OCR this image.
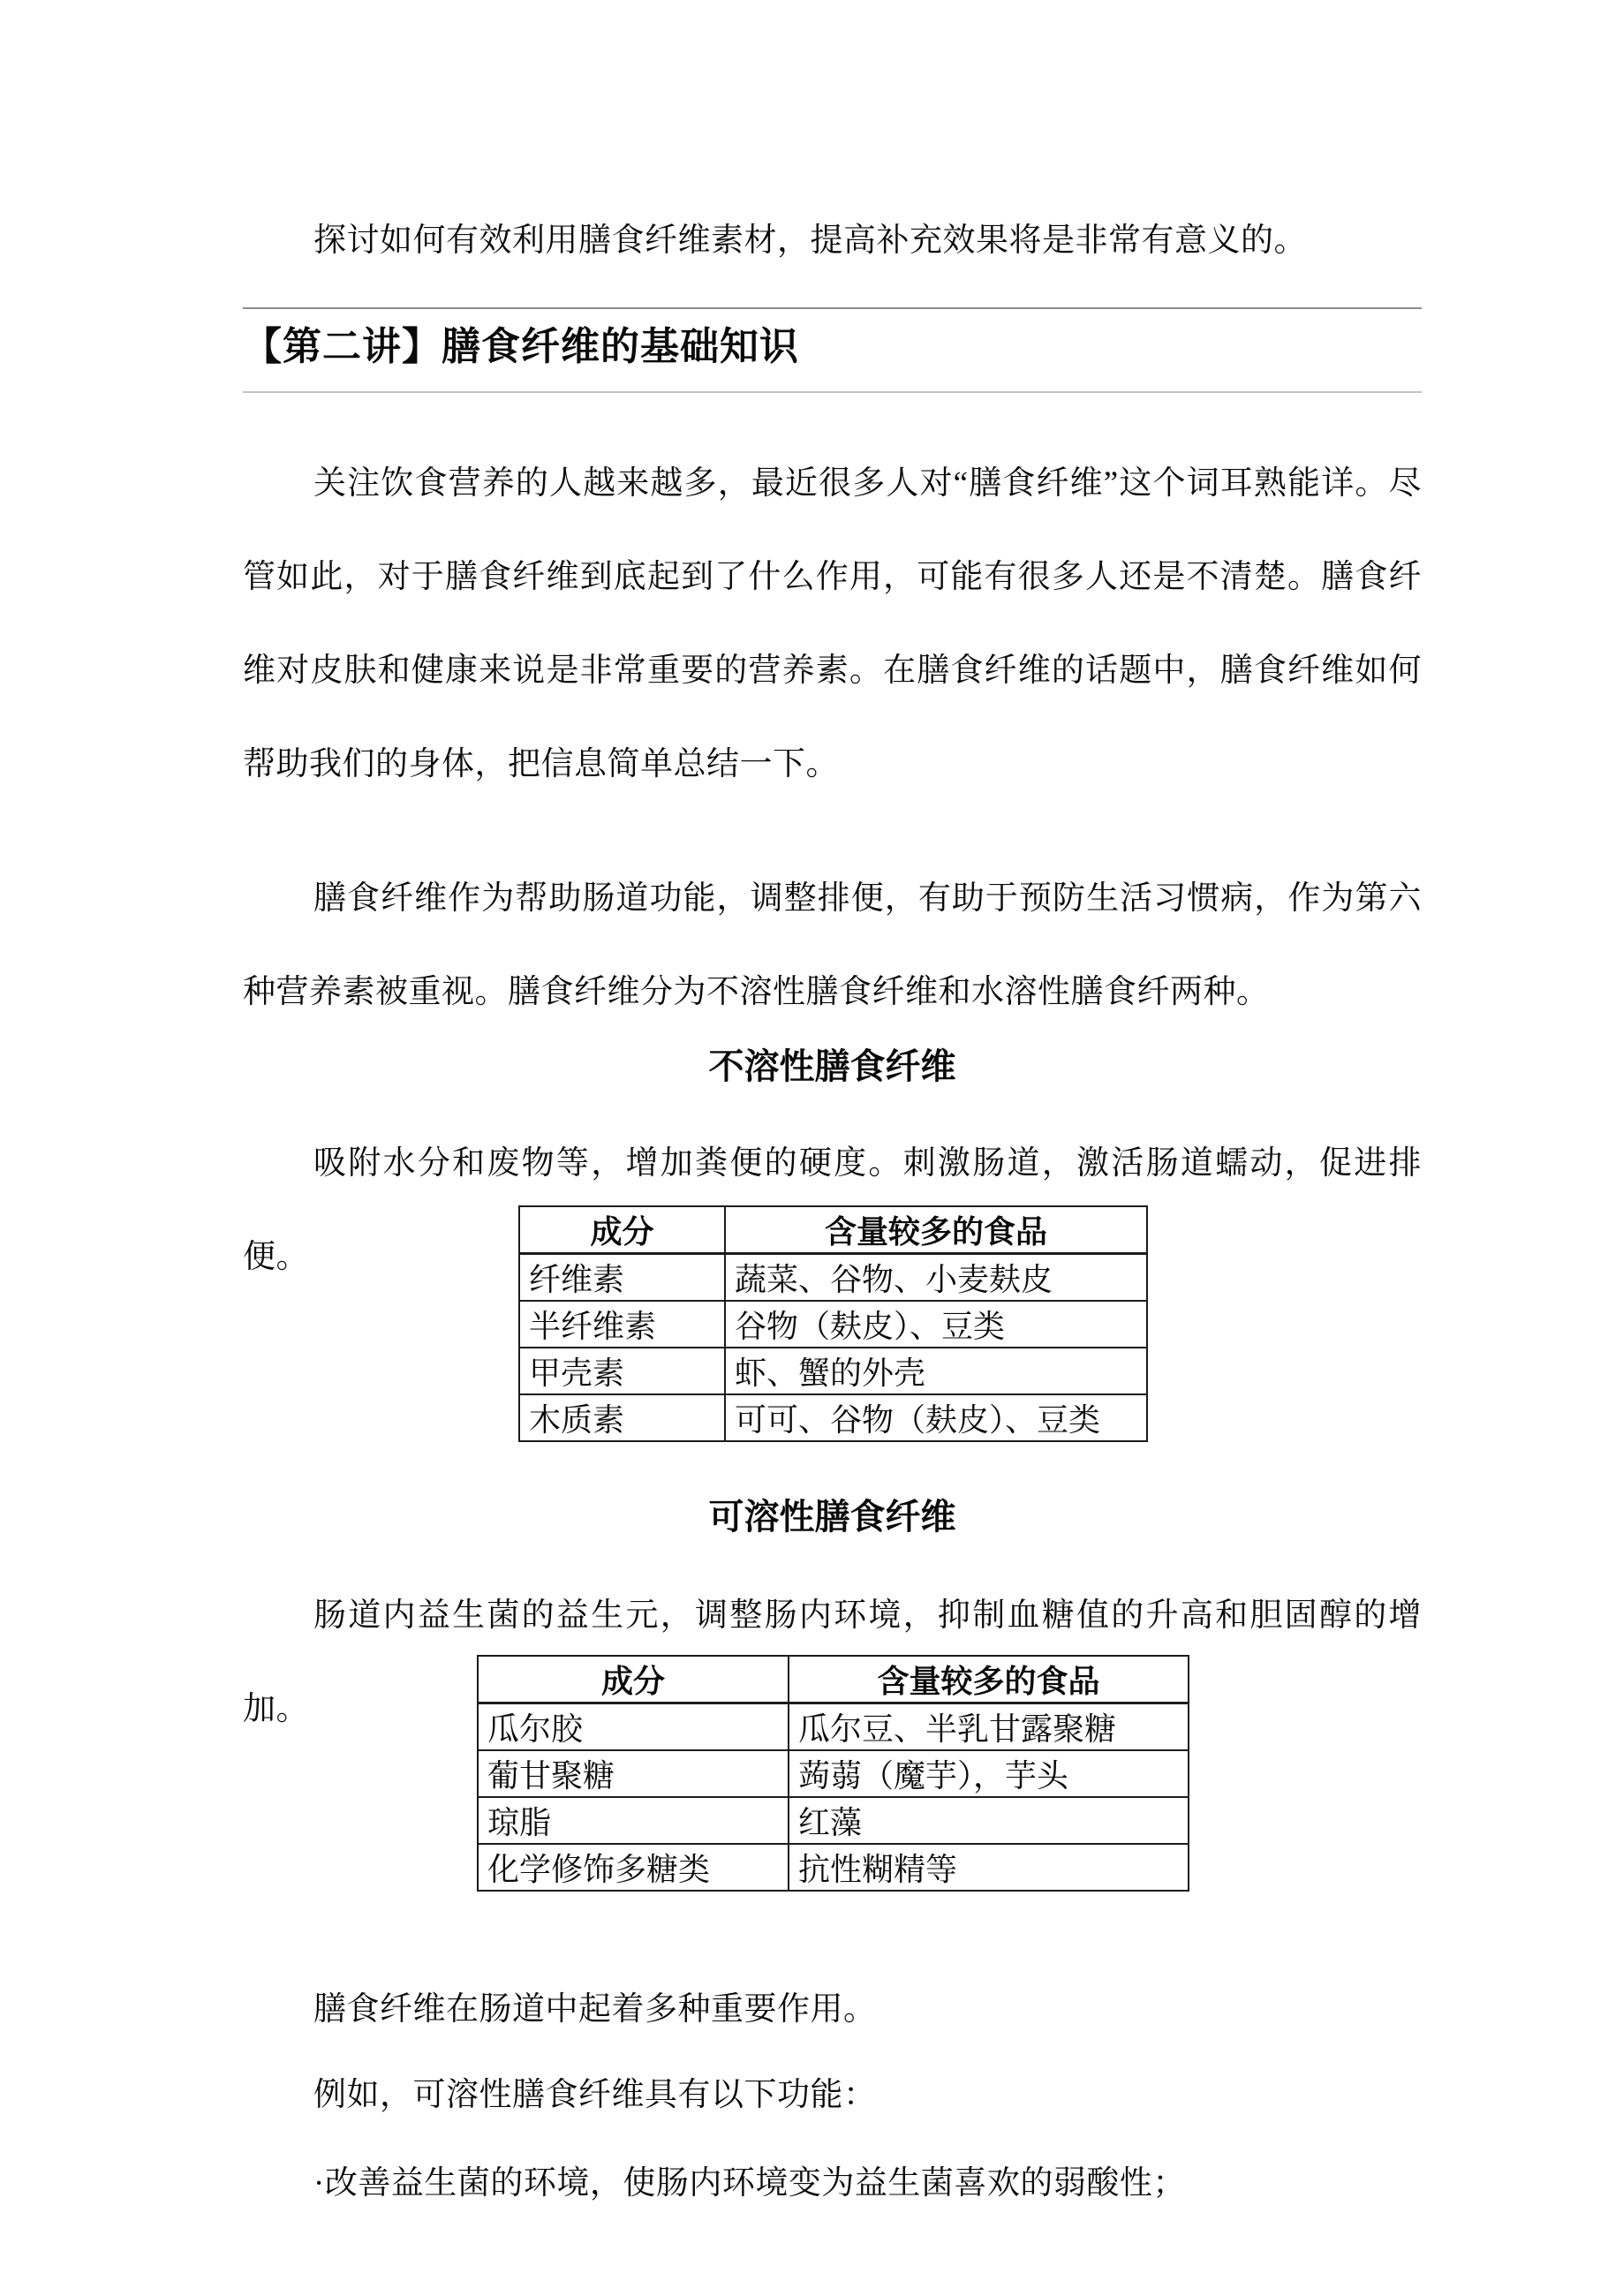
探讨如何有效利用膳食纤维素材，提高补充效果将是非常有意义的。

【第二讲】膳食纤维的基础知识

关注饮食营养的人越来越多，最近很多人对“膳食纤维”这个词耳熟能详。尽管如此，对于膳食纤维到底起到了什么作用，可能有很多人还是不清楚。膳食纤维对皮肤和健康来说是非常重要的营养素。在膳食纤维的话题中，膳食纤维如何帮助我们的身体，把信息简单总结一下。

膳食纤维作为帮助肠道功能，调整排便，有助于预防生活习惯病，作为第六种营养素被重视。膳食纤维分为不溶性膳食纤维和水溶性膳食纤两种。

不溶性膳食纤维

吸附水分和废物等，增加粪便的硬度。刺激肠道，激活肠道蠕动，促进排便。

成分	含量较多的食品
纤维素	蔬菜、谷物、小麦麸皮
半纤维素	谷物（麸皮）、豆类
甲壳素	虾、蟹的外壳
木质素	可可、谷物（麸皮）、豆类
可溶性膳食纤维

肠道内益生菌的益生元，调整肠内环境，抑制血糖值的升高和胆固醇的增加。

成分	含量较多的食品
瓜尔胶	瓜尔豆、半乳甘露聚糖
葡甘聚糖	蒟蒻（魔芋），芋头
琼脂	红藻
化学修饰多糖类	抗性糊精等

膳食纤维在肠道中起着多种重要作用。

例如，可溶性膳食纤维具有以下功能：

·改善益生菌的环境，使肠内环境变为益生菌喜欢的弱酸性；
